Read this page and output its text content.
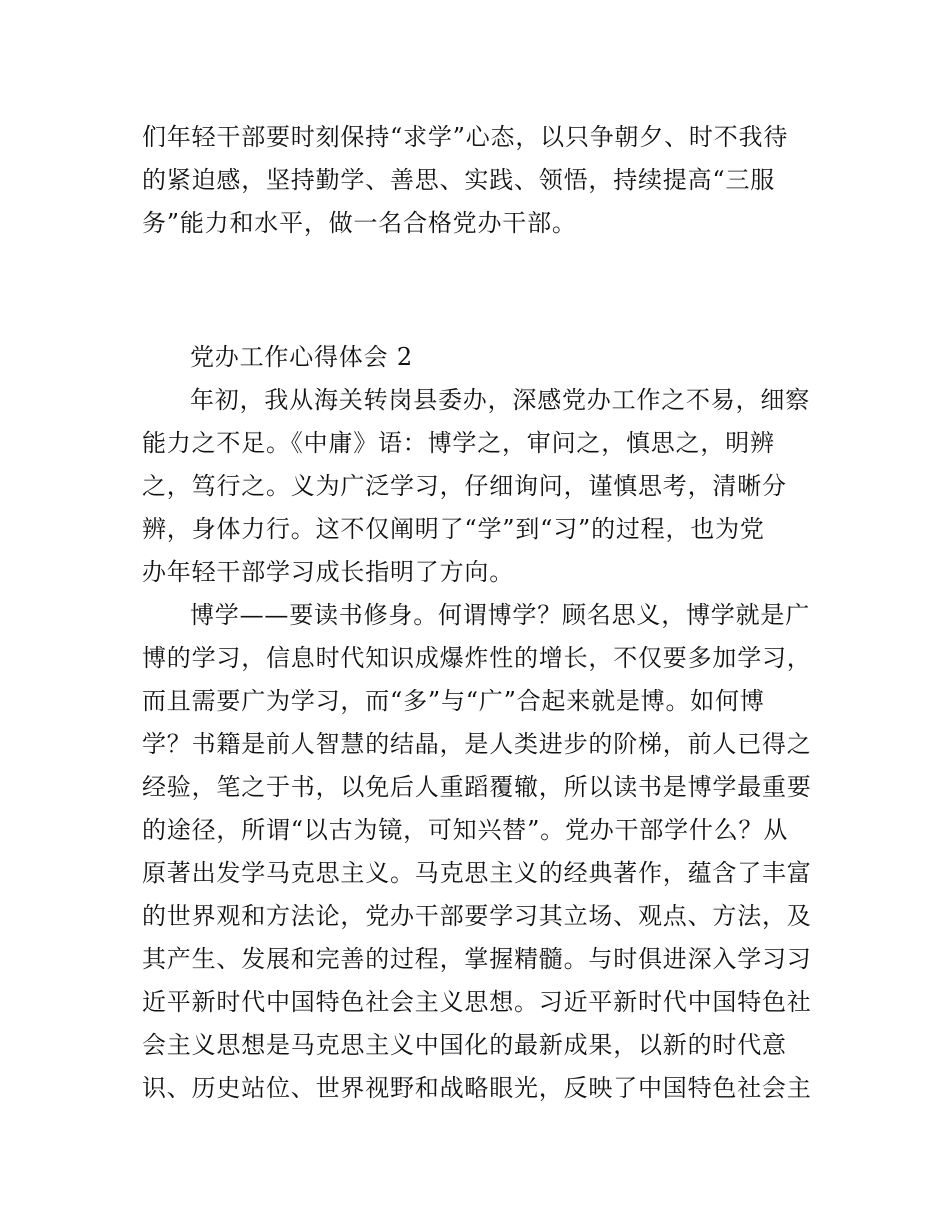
们年轻干部要时刻保持“求学”心态，以只争朝夕、时不我待

的紧迫感，坚持勤学、善思、实践、领悟，持续提高“三服

务”能力和水平，做一名合格党办干部。

党办工作心得体会 2

年初，我从海关转岗县委办，深感党办工作之不易，细察

能力之不足。《中庸》语：博学之，审问之，慎思之，明辨

之，笃行之。义为广泛学习，仔细询问，谨慎思考，清晰分

辨，身体力行。这不仅阐明了“学”到“习”的过程，也为党

办年轻干部学习成长指明了方向。

博学——要读书修身。何谓博学？顾名思义，博学就是广

博的学习，信息时代知识成爆炸性的增长，不仅要多加学习，

而且需要广为学习，而“多”与“广”合起来就是博。如何博

学？书籍是前人智慧的结晶，是人类进步的阶梯，前人已得之

经验，笔之于书，以免后人重蹈覆辙，所以读书是博学最重要

的途径，所谓“以古为镜，可知兴替”。党办干部学什么？从

原著出发学马克思主义。马克思主义的经典著作，蕴含了丰富

的世界观和方法论，党办干部要学习其立场、观点、方法，及

其产生、发展和完善的过程，掌握精髓。与时俱进深入学习习

近平新时代中国特色社会主义思想。习近平新时代中国特色社

会主义思想是马克思主义中国化的最新成果，以新的时代意

识、历史站位、世界视野和战略眼光，反映了中国特色社会主
